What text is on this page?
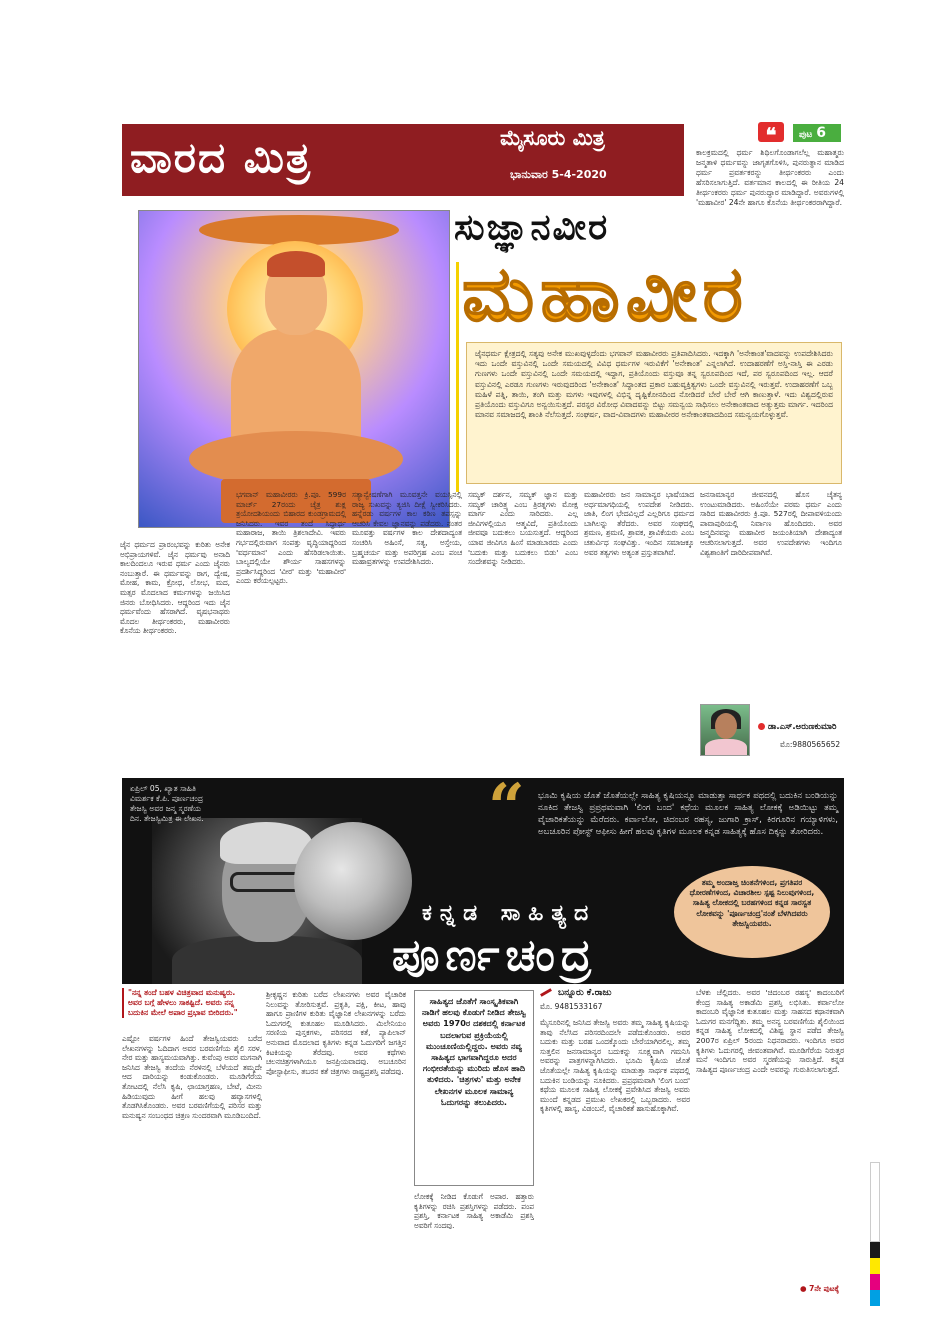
ವಾರದ ಮಿತ್ರ	ಮೈಸೂರು ಮಿತ್ರ
ಭಾನುವಾರ 5-4-2020
❝	ಪುಟ 6
ಕಾಲಕ್ರಮದಲ್ಲಿ ಧರ್ಮ ಶಿಥಿಲಗೊಂಡಾಗಲೆಲ್ಲ ಮಹಾತ್ಮರು ಜನ್ಮತಾಳಿ ಧರ್ಮವನ್ನು ಜಾಗೃತಗೊಳಿಸಿ, ಪುನರುತ್ಥಾನ ಮಾಡಿದ ಧರ್ಮ ಪ್ರವರ್ತಕರನ್ನು ತೀರ್ಥಂಕರರು ಎಂದು ಹೆಸರಿಸಲಾಗುತ್ತಿದೆ. ವರ್ತಮಾನ ಕಾಲದಲ್ಲಿ ಈ ರೀತಿಯ 24 ತೀರ್ಥಂಕರರು ಧರ್ಮ ಪುನರುದ್ಧಾರ ಮಾಡಿದ್ದಾರೆ. ಅವರುಗಳಲ್ಲಿ 'ಮಹಾವೀರ' 24ನೇ ಹಾಗೂ ಕೊನೆಯ ತೀರ್ಥಂಕರರಾಗಿದ್ದಾರೆ.
ಸುಜ್ಞಾನವೀರ
ಮಹಾವೀರ
ಜೈನಧರ್ಮ ಕ್ಷೇತ್ರದಲ್ಲಿ ಸತ್ಯವು ಅನೇಕ ಮುಖವುಳ್ಳದೆಂದು ಭಗವಾನ್ ಮಹಾವೀರರು ಪ್ರತಿಪಾದಿಸಿದರು. ಇದಕ್ಕಾಗಿ 'ಅನೇಕಾಂತ'ವಾದವನ್ನು ಉಪದೇಶಿಸಿದರು ಇದು ಒಂದೇ ವಸ್ತುವಿನಲ್ಲಿ ಒಂದೇ ಸಮಯದಲ್ಲಿ ವಿವಿಧ ಧರ್ಮಗಳ ಇರುವಿಕೆಗೆ 'ಅನೇಕಾಂತ' ಎನ್ನಲಾಗಿದೆ. ಉದಾಹರಣೆಗೆ ಅಸ್ತಿ-ನಾಸ್ತಿ ಈ ಎರಡು ಗುಣಗಳು ಒಂದೇ ವಸ್ತುವಿನಲ್ಲಿ ಒಂದೇ ಸಮಯದಲ್ಲಿ ಇದ್ದಾಗ, ಪ್ರತಿಯೊಂದು ವಸ್ತುವೂ ತನ್ನ ಸ್ವರೂಪದಿಂದ ಇದೆ, ಪರ ಸ್ವರೂಪದಿಂದ ಇಲ್ಲ. ಆದರೆ ವಸ್ತುವಿನಲ್ಲಿ ಎರಡೂ ಗುಣಗಳು ಇರುವುದರಿಂದ 'ಅನೇಕಾಂತ' ಸಿದ್ಧಾಂತದ ಪ್ರಕಾರ ಬಹುವ್ಯಕ್ತಿತ್ವಗಳು ಒಂದೇ ವಸ್ತುವಿನಲ್ಲಿ ಇರುತ್ತವೆ. ಉದಾಹರಣೆಗೆ ಒಬ್ಬ ಮಹಿಳೆ ಪತ್ನಿ, ತಾಯಿ, ತಂಗಿ ಮತ್ತು ಮಗಳು ಇವುಗಳಲ್ಲಿ ವಿಭಿನ್ನ ದೃಷ್ಟಿಕೋನದಿಂದ ನೋಡಿದರೆ ಬೇರೆ ಬೇರೆ ಆಗಿ ಕಾಣುತ್ತಾಳೆ. ಇದು ವಿಶ್ವದಲ್ಲಿರುವ ಪ್ರತಿಯೊಂದು ವಸ್ತುವಿಗೂ ಅನ್ವಯಿಸುತ್ತದೆ. ಪರಸ್ಪರ ವಿರೋಧ ವಿವಾದವನ್ನು ಬಿಟ್ಟು ಸಮನ್ವಯ ಸಾಧಿಸಲು ಅನೇಕಾಂತವಾದ ಅತ್ಯುತ್ತಮ ಮಾರ್ಗ. ಇದರಿಂದ ಮಾನವ ಸಮಾಜದಲ್ಲಿ ಶಾಂತಿ ನೆಲೆಸುತ್ತದೆ. ಸಂಘರ್ಷ, ವಾದ-ವಿವಾದಗಳು ಮಹಾವೀರರ ಅನೇಕಾಂತವಾದದಿಂದ ಸಮನ್ವಯಗೊಳ್ಳುತ್ತವೆ.
ಜೈನ ಧರ್ಮದ ಪ್ರಾರಂಭವನ್ನು ಕುರಿತು ಅನೇಕ ಅಭಿಪ್ರಾಯಗಳಿವೆ. ಜೈನ ಧರ್ಮವು ಅನಾದಿ ಕಾಲದಿಂದಲೂ ಇರುವ ಧರ್ಮ ಎಂದು ಜೈನರು ನಂಬುತ್ತಾರೆ. ಈ ಧರ್ಮವನ್ನು ರಾಗ, ದ್ವೇಷ, ಮೋಹ, ಕಾಮ, ಕ್ರೋಧ, ಲೋಭ, ಮದ, ಮತ್ಸರ ಮೊದಲಾದ ಕರ್ಮಗಳನ್ನು ಜಯಿಸಿದ ಜಿನರು ಬೋಧಿಸಿದರು. ಆದ್ದರಿಂದ ಇದು ಜೈನ ಧರ್ಮವೆಂದು ಹೆಸರಾಗಿದೆ. ವೃಷಭನಾಥರು ಮೊದಲ ತೀರ್ಥಂಕರರು, ಮಹಾವೀರರು ಕೊನೆಯ ತೀರ್ಥಂಕರರು.
ಭಗವಾನ್ ಮಹಾವೀರರು ಕ್ರಿ.ಪೂ. 599ರ ಮಾರ್ಚ್ 27ರಂದು ಚೈತ್ರ ಶುಕ್ಲ ತ್ರಯೋದಶಿಯಂದು ಬಿಹಾರದ ಕುಂಡಗ್ರಾಮದಲ್ಲಿ ಜನಿಸಿದರು. ಇವರ ತಂದೆ ಸಿದ್ಧಾರ್ಥ ಮಹಾರಾಜ, ತಾಯಿ ತ್ರಿಶಲಾದೇವಿ. ಇವರು ಗರ್ಭದಲ್ಲಿರುವಾಗ ಸಂಪತ್ತು ವೃದ್ಧಿಯಾದ್ದರಿಂದ 'ವರ್ಧಮಾನ' ಎಂದು ಹೆಸರಿಡಲಾಯಿತು. ಬಾಲ್ಯದಲ್ಲಿಯೇ ಶೌರ್ಯ ಸಾಹಸಗಳನ್ನು ಪ್ರದರ್ಶಿಸಿದ್ದರಿಂದ 'ವೀರ' ಮತ್ತು 'ಮಹಾವೀರ' ಎಂದು ಕರೆಯಲ್ಪಟ್ಟರು.
ಸತ್ಯಾನ್ವೇಷಣೆಗಾಗಿ ಮೂವತ್ತನೇ ವಯಸ್ಸಿನಲ್ಲಿ ರಾಜ್ಯ ಸುಖವನ್ನು ತ್ಯಜಿಸಿ ದೀಕ್ಷೆ ಸ್ವೀಕರಿಸಿದರು. ಹನ್ನೆರಡು ವರ್ಷಗಳ ಕಾಲ ಕಠಿಣ ತಪಸ್ಸನ್ನು ಆಚರಿಸಿ ಕೇವಲ ಜ್ಞಾನವನ್ನು ಪಡೆದರು. ನಂತರ ಮೂವತ್ತು ವರ್ಷಗಳ ಕಾಲ ದೇಶದಾದ್ಯಂತ ಸಂಚರಿಸಿ ಅಹಿಂಸೆ, ಸತ್ಯ, ಅಸ್ತೇಯ, ಬ್ರಹ್ಮಚರ್ಯ ಮತ್ತು ಅಪರಿಗ್ರಹ ಎಂಬ ಪಂಚ ಮಹಾವ್ರತಗಳನ್ನು ಉಪದೇಶಿಸಿದರು.
ಸಮ್ಯಕ್ ದರ್ಶನ, ಸಮ್ಯಕ್ ಜ್ಞಾನ ಮತ್ತು ಸಮ್ಯಕ್ ಚಾರಿತ್ರ್ಯ ಎಂಬ ತ್ರಿರತ್ನಗಳು ಮೋಕ್ಷ ಮಾರ್ಗ ಎಂದು ಸಾರಿದರು. ಎಲ್ಲ ಜೀವಿಗಳಲ್ಲಿಯೂ ಆತ್ಮವಿದೆ, ಪ್ರತಿಯೊಂದು ಜೀವವೂ ಬದುಕಲು ಬಯಸುತ್ತದೆ. ಆದ್ದರಿಂದ ಯಾವ ಜೀವಿಗೂ ಹಿಂಸೆ ಮಾಡಬಾರದು ಎಂದು 'ಬದುಕು ಮತ್ತು ಬದುಕಲು ಬಿಡು' ಎಂಬ ಸಂದೇಶವನ್ನು ನೀಡಿದರು.
ಮಹಾವೀರರು ಜನ ಸಾಮಾನ್ಯರ ಭಾಷೆಯಾದ ಅರ್ಧಮಾಗಧಿಯಲ್ಲಿ ಉಪದೇಶ ನೀಡಿದರು. ಜಾತಿ, ಲಿಂಗ ಭೇದವಿಲ್ಲದೆ ಎಲ್ಲರಿಗೂ ಧರ್ಮದ ಬಾಗಿಲನ್ನು ತೆರೆದರು. ಅವರ ಸಂಘದಲ್ಲಿ ಶ್ರಮಣ, ಶ್ರಮಣಿ, ಶ್ರಾವಕ, ಶ್ರಾವಿಕೆಯರು ಎಂಬ ಚತುರ್ವಿಧ ಸಂಘವಿತ್ತು. ಇಂದಿನ ಸಮಾಜಕ್ಕೂ ಅವರ ತತ್ವಗಳು ಅತ್ಯಂತ ಪ್ರಸ್ತುತವಾಗಿವೆ.
ಜನಸಾಮಾನ್ಯರ ಜೀವನದಲ್ಲಿ ಹೊಸ ಚೈತನ್ಯ ಉಂಟುಮಾಡಿದರು. ಅಹಿಂಸೆಯೇ ಪರಮ ಧರ್ಮ ಎಂದು ಸಾರಿದ ಮಹಾವೀರರು ಕ್ರಿ.ಪೂ. 527ರಲ್ಲಿ ದೀಪಾವಳಿಯಂದು ಪಾವಾಪುರಿಯಲ್ಲಿ ನಿರ್ವಾಣ ಹೊಂದಿದರು. ಅವರ ಜನ್ಮದಿನವನ್ನು ಮಹಾವೀರ ಜಯಂತಿಯಾಗಿ ದೇಶಾದ್ಯಂತ ಆಚರಿಸಲಾಗುತ್ತದೆ. ಅವರ ಉಪದೇಶಗಳು ಇಂದಿಗೂ ವಿಶ್ವಶಾಂತಿಗೆ ದಾರಿದೀಪವಾಗಿವೆ.
ಡಾ.ಎಸ್.ಅರುಣಕುಮಾರಿ
ಮೊ:9880565652
ಏಪ್ರಿಲ್ 05, ಖ್ಯಾತ ಸಾಹಿತಿ ವಿಮರ್ಶಕ ಕೆ.ಪಿ. ಪೂರ್ಣಚಂದ್ರ ತೇಜಸ್ವಿ ಅವರ ಜನ್ಮ ಸ್ಮರಣೆಯ ದಿನ. ತೇಜಸ್ವಿಮಿತ್ರ ಈ ಲೇಖನ.	“ ಭೂಮಿ ಕೃಷಿಯ ಜೊತೆ ಜೊತೆಯಲ್ಲೇ ಸಾಹಿತ್ಯ ಕೃಷಿಯನ್ನೂ ಮಾಡುತ್ತಾ ಸಾರ್ಥಕ ಪಥದಲ್ಲಿ ಬದುಕಿನ ಬಂಡಿಯನ್ನು ನೂಕಿದ ತೇಜಸ್ವಿ ಪ್ರಪ್ರಥಮವಾಗಿ 'ಲಿಂಗ ಬಂದ' ಕಥೆಯ ಮೂಲಕ ಸಾಹಿತ್ಯ ಲೋಕಕ್ಕೆ ಅಡಿಯಿಟ್ಟು ತಮ್ಮ ವೈಚಾರಿಕತೆಯನ್ನು ಮೆರೆದರು. ಕರ್ವಾಲೋ, ಚಿದಂಬರ ರಹಸ್ಯ, ಜುಗಾರಿ ಕ್ರಾಸ್, ಕಿರಗೂರಿನ ಗಯ್ಯಾಳಿಗಳು, ಅಬಚೂರಿನ ಪೋಸ್ಟ್ ಆಫೀಸು ಹೀಗೆ ಹಲವು ಕೃತಿಗಳ ಮೂಲಕ ಕನ್ನಡ ಸಾಹಿತ್ಯಕ್ಕೆ ಹೊಸ ದಿಕ್ಕನ್ನು ತೋರಿದರು.
ಕನ್ನಡ ಸಾಹಿತ್ಯದ
ಪೂರ್ಣಚಂದ್ರ
ತಮ್ಮ ಅಂದಾಜ್ತ ಚಿಂತನೆಗಳಿಂದ, ಪ್ರಗತಿಪರ ಧೋರಣೆಗಳಿಂದ, ವಿಚಾರಶೀಲ ಸ್ಪಷ್ಟ ನಿಲುವುಗಳಿಂದ, ಸಾಹಿತ್ಯ ಲೋಕದಲ್ಲಿ ಬರಹಗಳಿಂದ ಕನ್ನಡ ಸಾರಸ್ವತ ಲೋಕವನ್ನು 'ಪೂರ್ಣಚಂದ್ರ'ನಂತೆ ಬೆಳಗಿದವರು ತೇಜಸ್ವಿಯವರು.
"ನನ್ನ ತಂದೆ ಬಹಳ ವಿಚಿತ್ರವಾದ ಮನುಷ್ಯರು. ಅವರ ಬಗ್ಗೆ ಹೇಳಲು ಸಾಕಷ್ಟಿದೆ. ಅವರು ನನ್ನ ಬದುಕಿನ ಮೇಲೆ ಅಪಾರ ಪ್ರಭಾವ ಬೀರಿದರು."
ಎಷ್ಟೋ ವರ್ಷಗಳ ಹಿಂದೆ ತೇಜಸ್ವಿಯವರು ಬರೆದ ಲೇಖನಗಳನ್ನು ಓದಿದಾಗ ಅವರ ಬರವಣಿಗೆಯ ಶೈಲಿ ಸರಳ, ನೇರ ಮತ್ತು ಹಾಸ್ಯಮಯವಾಗಿತ್ತು. ಕುವೆಂಪು ಅವರ ಮಗನಾಗಿ ಜನಿಸಿದ ತೇಜಸ್ವಿ ತಂದೆಯ ನೆರಳಿನಲ್ಲಿ ಬೆಳೆಯದೆ ತಮ್ಮದೇ ಆದ ದಾರಿಯನ್ನು ಕಂಡುಕೊಂಡರು. ಮೂಡಿಗೆರೆಯ ತೋಟದಲ್ಲಿ ನೆಲೆಸಿ ಕೃಷಿ, ಛಾಯಾಗ್ರಹಣ, ಬೇಟೆ, ಮೀನು ಹಿಡಿಯುವುದು ಹೀಗೆ ಹಲವು ಹವ್ಯಾಸಗಳಲ್ಲಿ ತೊಡಗಿಸಿಕೊಂಡರು. ಅವರ ಬರವಣಿಗೆಯಲ್ಲಿ ಪರಿಸರ ಮತ್ತು ಮನುಷ್ಯನ ಸಂಬಂಧದ ಚಿತ್ರಣ ಸುಂದರವಾಗಿ ಮೂಡಿಬಂದಿದೆ.
ಶ್ರೀಕೃಷ್ಣನ ಕುರಿತು ಬರೆದ ಲೇಖನಗಳು ಅವರ ವೈಚಾರಿಕ ನಿಲುವನ್ನು ತೋರಿಸುತ್ತವೆ. ಪ್ರಕೃತಿ, ಪಕ್ಷಿ, ಕೀಟ, ಹಾವು ಹಾಗೂ ಪ್ರಾಣಿಗಳ ಕುರಿತು ವೈಜ್ಞಾನಿಕ ಲೇಖನಗಳನ್ನು ಬರೆದು ಓದುಗರಲ್ಲಿ ಕುತೂಹಲ ಮೂಡಿಸಿದರು. ಮಿಲೇನಿಯಂ ಸರಣಿಯ ಪುಸ್ತಕಗಳು, ಪರಿಸರದ ಕತೆ, ಪ್ಯಾಪಿಲಾನ್ ಅನುವಾದ ಮೊದಲಾದ ಕೃತಿಗಳು ಕನ್ನಡ ಓದುಗರಿಗೆ ಜಗತ್ತಿನ ಕಿಟಕಿಯನ್ನು ತೆರೆದವು. ಅವರ ಕಥೆಗಳು ಚಲನಚಿತ್ರಗಳಾಗಿಯೂ ಜನಪ್ರಿಯವಾದವು. ಅಬಚೂರಿನ ಪೋಸ್ಟಾಫೀಸು, ತಬರನ ಕತೆ ಚಿತ್ರಗಳು ರಾಷ್ಟ್ರಪ್ರಶಸ್ತಿ ಪಡೆದವು.
ಸಾಹಿತ್ಯದ ಜೊತೆಗೆ ಸಾಂಸ್ಕೃತಿಕವಾಗಿ ನಾಡಿಗೆ ಹಲವು ಕೊಡುಗೆ ನೀಡಿದ ತೇಜಸ್ವಿ ಅವರು 1970ರ ದಶಕದಲ್ಲಿ ಕರ್ನಾಟಕ ಬದಲಾಗುವ ಪ್ರಕ್ರಿಯೆಯಲ್ಲಿ ಮುಂಚೂಣಿಯಲ್ಲಿದ್ದರು. ಅವರು ನವ್ಯ ಸಾಹಿತ್ಯದ ಭಾಗವಾಗಿದ್ದರೂ ಅದರ ಗಂಭೀರತೆಯನ್ನು ಮುರಿದು ಹೊಸ ಹಾದಿ ತುಳಿದರು. 'ಚಿತ್ರಗಳು' ಮತ್ತು ಅನೇಕ ಲೇಖನಗಳ ಮೂಲಕ ಸಾಮಾನ್ಯ ಓದುಗರನ್ನು ತಲುಪಿದರು.
ಲೋಕಕ್ಕೆ ನೀಡಿದ ಕೊಡುಗೆ ಅಪಾರ. ಹತ್ತಾರು ಕೃತಿಗಳನ್ನು ರಚಿಸಿ ಪ್ರಶಸ್ತಿಗಳನ್ನು ಪಡೆದರು. ಪಂಪ ಪ್ರಶಸ್ತಿ, ಕರ್ನಾಟಕ ಸಾಹಿತ್ಯ ಅಕಾಡೆಮಿ ಪ್ರಶಸ್ತಿ ಅವರಿಗೆ ಸಂದವು.
ಬನ್ನೂರು ಕೆ.ರಾಜು
ಮೊ. 9481533167
ಮೈಸೂರಿನಲ್ಲಿ ಜನಿಸಿದ ತೇಜಸ್ವಿ ಅವರು ತಮ್ಮ ಸಾಹಿತ್ಯ ಕೃಷಿಯನ್ನು ತಾವು ನೆಲೆಸಿದ ಪರಿಸರದಿಂದಲೇ ಪಡೆದುಕೊಂಡರು. ಅವರ ಬದುಕು ಮತ್ತು ಬರಹ ಒಂದಕ್ಕೊಂದು ಬೇರೆಯಾಗಿರಲಿಲ್ಲ. ತಮ್ಮ ಸುತ್ತಲಿನ ಜನಸಾಮಾನ್ಯರ ಬದುಕನ್ನು ಸೂಕ್ಷ್ಮವಾಗಿ ಗಮನಿಸಿ ಅವರನ್ನು ಪಾತ್ರಗಳನ್ನಾಗಿಸಿದರು. ಭೂಮಿ ಕೃಷಿಯ ಜೊತೆ ಜೊತೆಯಲ್ಲೇ ಸಾಹಿತ್ಯ ಕೃಷಿಯನ್ನು ಮಾಡುತ್ತಾ ಸಾರ್ಥಕ ಪಥದಲ್ಲಿ ಬದುಕಿನ ಬಂಡಿಯನ್ನು ನೂಕಿದರು. ಪ್ರಪ್ರಥಮವಾಗಿ 'ಲಿಂಗ ಬಂದ' ಕಥೆಯ ಮೂಲಕ ಸಾಹಿತ್ಯ ಲೋಕಕ್ಕೆ ಪ್ರವೇಶಿಸಿದ ತೇಜಸ್ವಿ ಅವರು ಮುಂದೆ ಕನ್ನಡದ ಪ್ರಮುಖ ಲೇಖಕರಲ್ಲಿ ಒಬ್ಬರಾದರು. ಅವರ ಕೃತಿಗಳಲ್ಲಿ ಹಾಸ್ಯ, ವಿಡಂಬನೆ, ವೈಚಾರಿಕತೆ ಹಾಸುಹೊಕ್ಕಾಗಿವೆ.
ಬೆಳಕು ಚೆಲ್ಲಿದರು. ಅವರ 'ಚಿದಂಬರ ರಹಸ್ಯ' ಕಾದಂಬರಿಗೆ ಕೇಂದ್ರ ಸಾಹಿತ್ಯ ಅಕಾಡೆಮಿ ಪ್ರಶಸ್ತಿ ಲಭಿಸಿತು. ಕರ್ವಾಲೋ ಕಾದಂಬರಿ ವೈಜ್ಞಾನಿಕ ಕುತೂಹಲ ಮತ್ತು ಸಾಹಸದ ಕಥಾನಕವಾಗಿ ಓದುಗರ ಮನಗೆದ್ದಿತು. ತಮ್ಮ ಅನನ್ಯ ಬರವಣಿಗೆಯ ಶೈಲಿಯಿಂದ ಕನ್ನಡ ಸಾಹಿತ್ಯ ಲೋಕದಲ್ಲಿ ವಿಶಿಷ್ಟ ಸ್ಥಾನ ಪಡೆದ ತೇಜಸ್ವಿ 2007ರ ಏಪ್ರಿಲ್ 5ರಂದು ನಿಧನರಾದರು. ಇಂದಿಗೂ ಅವರ ಕೃತಿಗಳು ಓದುಗರಲ್ಲಿ ಜೀವಂತವಾಗಿವೆ. ಮೂಡಿಗೆರೆಯ ನಿರುತ್ತರ ಮನೆ ಇಂದಿಗೂ ಅವರ ಸ್ಮರಣೆಯನ್ನು ಸಾರುತ್ತಿದೆ. ಕನ್ನಡ ಸಾಹಿತ್ಯದ ಪೂರ್ಣಚಂದ್ರ ಎಂದೇ ಅವರನ್ನು ಗುರುತಿಸಲಾಗುತ್ತದೆ.
● 7ನೇ ಪುಟಕ್ಕೆ
